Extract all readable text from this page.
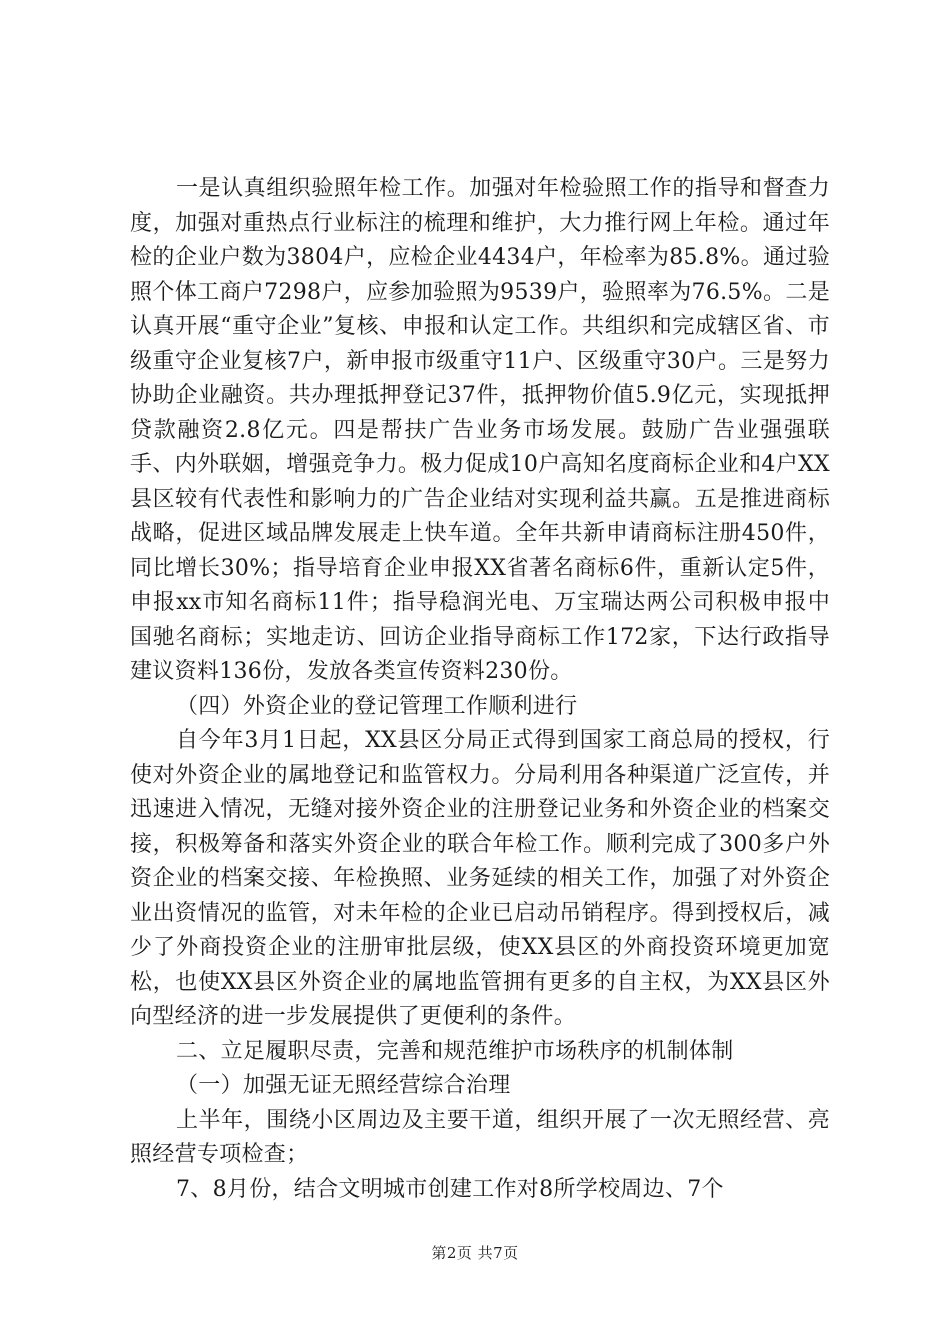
一是认真组织验照年检工作。加强对年检验照工作的指导和督查力度，加强对重热点行业标注的梳理和维护，大力推行网上年检。通过年检的企业户数为3804户，应检企业4434户，年检率为85.8%。通过验照个体工商户7298户，应参加验照为9539户，验照率为76.5%。二是认真开展“重守企业”复核、申报和认定工作。共组织和完成辖区省、市级重守企业复核7户，新申报市级重守11户、区级重守30户。三是努力协助企业融资。共办理抵押登记37件，抵押物价值5.9亿元，实现抵押贷款融资2.8亿元。四是帮扶广告业务市场发展。鼓励广告业强强联手、内外联姻，增强竞争力。极力促成10户高知名度商标企业和4户XX县区较有代表性和影响力的广告企业结对实现利益共赢。五是推进商标战略，促进区域品牌发展走上快车道。全年共新申请商标注册450件，同比增长30%；指导培育企业申报XX省著名商标6件，重新认定5件，申报xx市知名商标11件；指导稳润光电、万宝瑞达两公司积极申报中国驰名商标；实地走访、回访企业指导商标工作172家，下达行政指导建议资料136份，发放各类宣传资料230份。

（四）外资企业的登记管理工作顺利进行

自今年3月1日起，XX县区分局正式得到国家工商总局的授权，行使对外资企业的属地登记和监管权力。分局利用各种渠道广泛宣传，并迅速进入情况，无缝对接外资企业的注册登记业务和外资企业的档案交接，积极筹备和落实外资企业的联合年检工作。顺利完成了300多户外资企业的档案交接、年检换照、业务延续的相关工作，加强了对外资企业出资情况的监管，对未年检的企业已启动吊销程序。得到授权后，减少了外商投资企业的注册审批层级，使XX县区的外商投资环境更加宽松，也使XX县区外资企业的属地监管拥有更多的自主权，为XX县区外向型经济的进一步发展提供了更便利的条件。

二、立足履职尽责，完善和规范维护市场秩序的机制体制

（一）加强无证无照经营综合治理

上半年，围绕小区周边及主要干道，组织开展了一次无照经营、亮照经营专项检查；

7、8月份，结合文明城市创建工作对8所学校周边、7个

第2页 共7页
